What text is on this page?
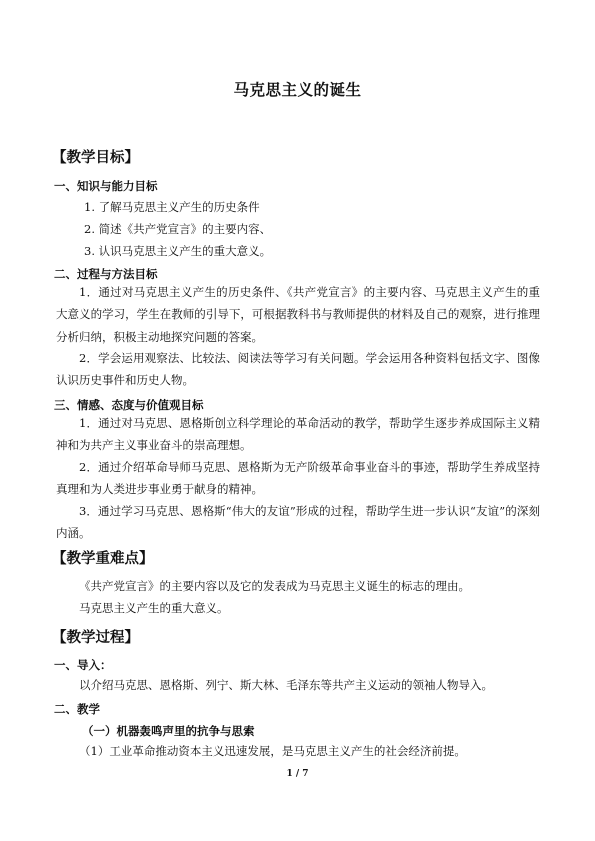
马克思主义的诞生
【教学目标】
一、知识与能力目标
1. 了解马克思主义产生的历史条件
2. 简述《共产党宣言》的主要内容、
3. 认识马克思主义产生的重大意义。
二、过程与方法目标
1．通过对马克思主义产生的历史条件、《共产党宣言》的主要内容、马克思主义产生的重大意义的学习，学生在教师的引导下，可根据教科书与教师提供的材料及自己的观察，进行推理分析归纳，积极主动地探究问题的答案。
2．学会运用观察法、比较法、阅读法等学习有关问题。学会运用各种资料包括文字、图像认识历史事件和历史人物。
三、情感、态度与价值观目标
1．通过对马克思、恩格斯创立科学理论的革命活动的教学，帮助学生逐步养成国际主义精神和为共产主义事业奋斗的崇高理想。
2．通过介绍革命导师马克思、恩格斯为无产阶级革命事业奋斗的事迹，帮助学生养成坚持真理和为人类进步事业勇于献身的精神。
3．通过学习马克思、恩格斯“伟大的友谊”形成的过程，帮助学生进一步认识“友谊”的深刻内涵。
【教学重难点】
《共产党宣言》的主要内容以及它的发表成为马克思主义诞生的标志的理由。
马克思主义产生的重大意义。
【教学过程】
一、导入：
以介绍马克思、恩格斯、列宁、斯大林、毛泽东等共产主义运动的领袖人物导入。
二、教学
（一）机器轰鸣声里的抗争与思索
（1）工业革命推动资本主义迅速发展，是马克思主义产生的社会经济前提。
1 / 7
